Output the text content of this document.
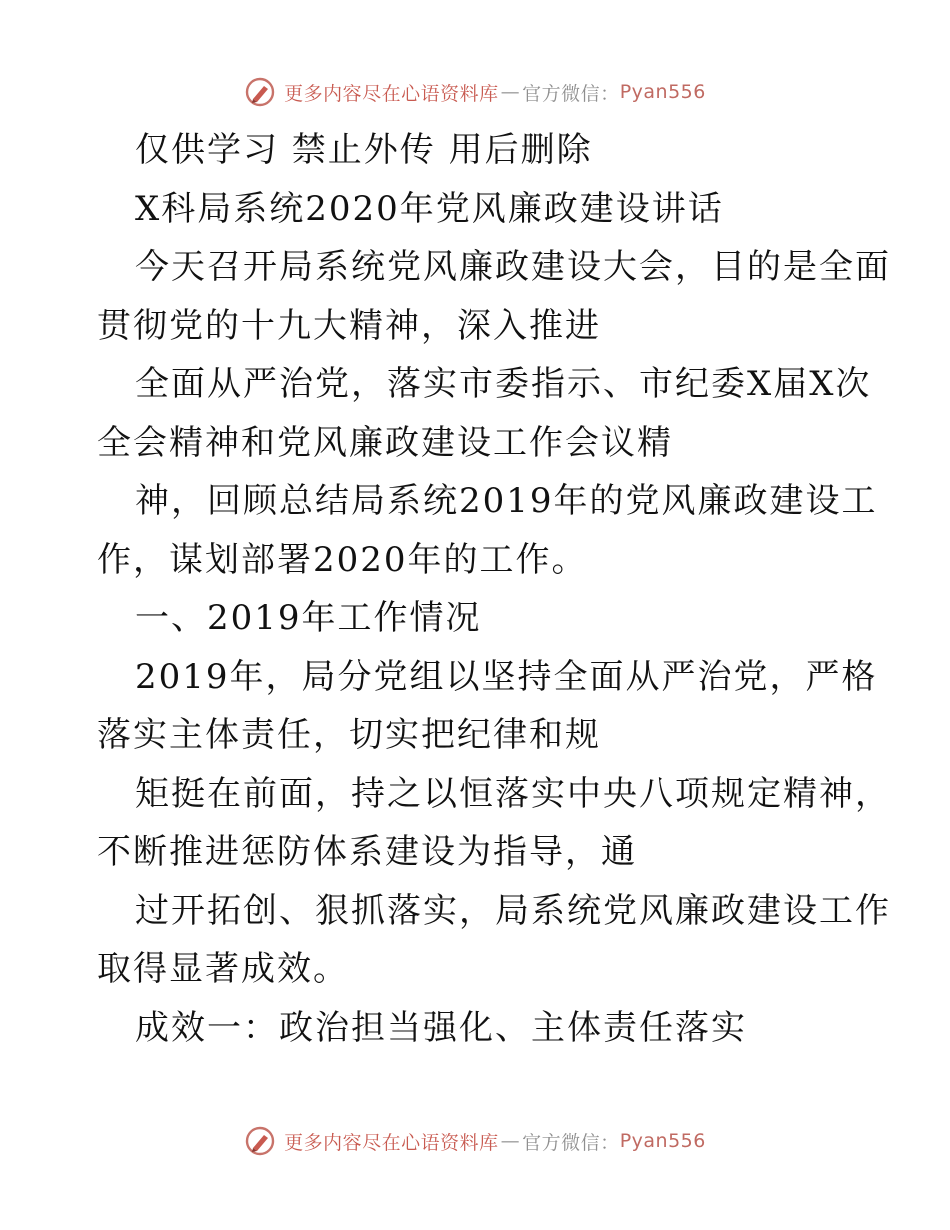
更多内容尽在心语资料库 — 官方微信： Pyan556
仅供学习 禁止外传 用后删除
X科局系统2020年党风廉政建设讲话
今天召开局系统党风廉政建设大会，目的是全面
贯彻党的十九大精神，深入推进
全面从严治党，落实市委指示、市纪委X届X次
全会精神和党风廉政建设工作会议精
神，回顾总结局系统2019年的党风廉政建设工
作，谋划部署2020年的工作。
一、2019年工作情况
2019年，局分党组以坚持全面从严治党，严格
落实主体责任，切实把纪律和规
矩挺在前面，持之以恒落实中央八项规定精神，
不断推进惩防体系建设为指导，通
过开拓创、狠抓落实，局系统党风廉政建设工作
取得显著成效。
成效一：政治担当强化、主体责任落实
更多内容尽在心语资料库 — 官方微信： Pyan556
